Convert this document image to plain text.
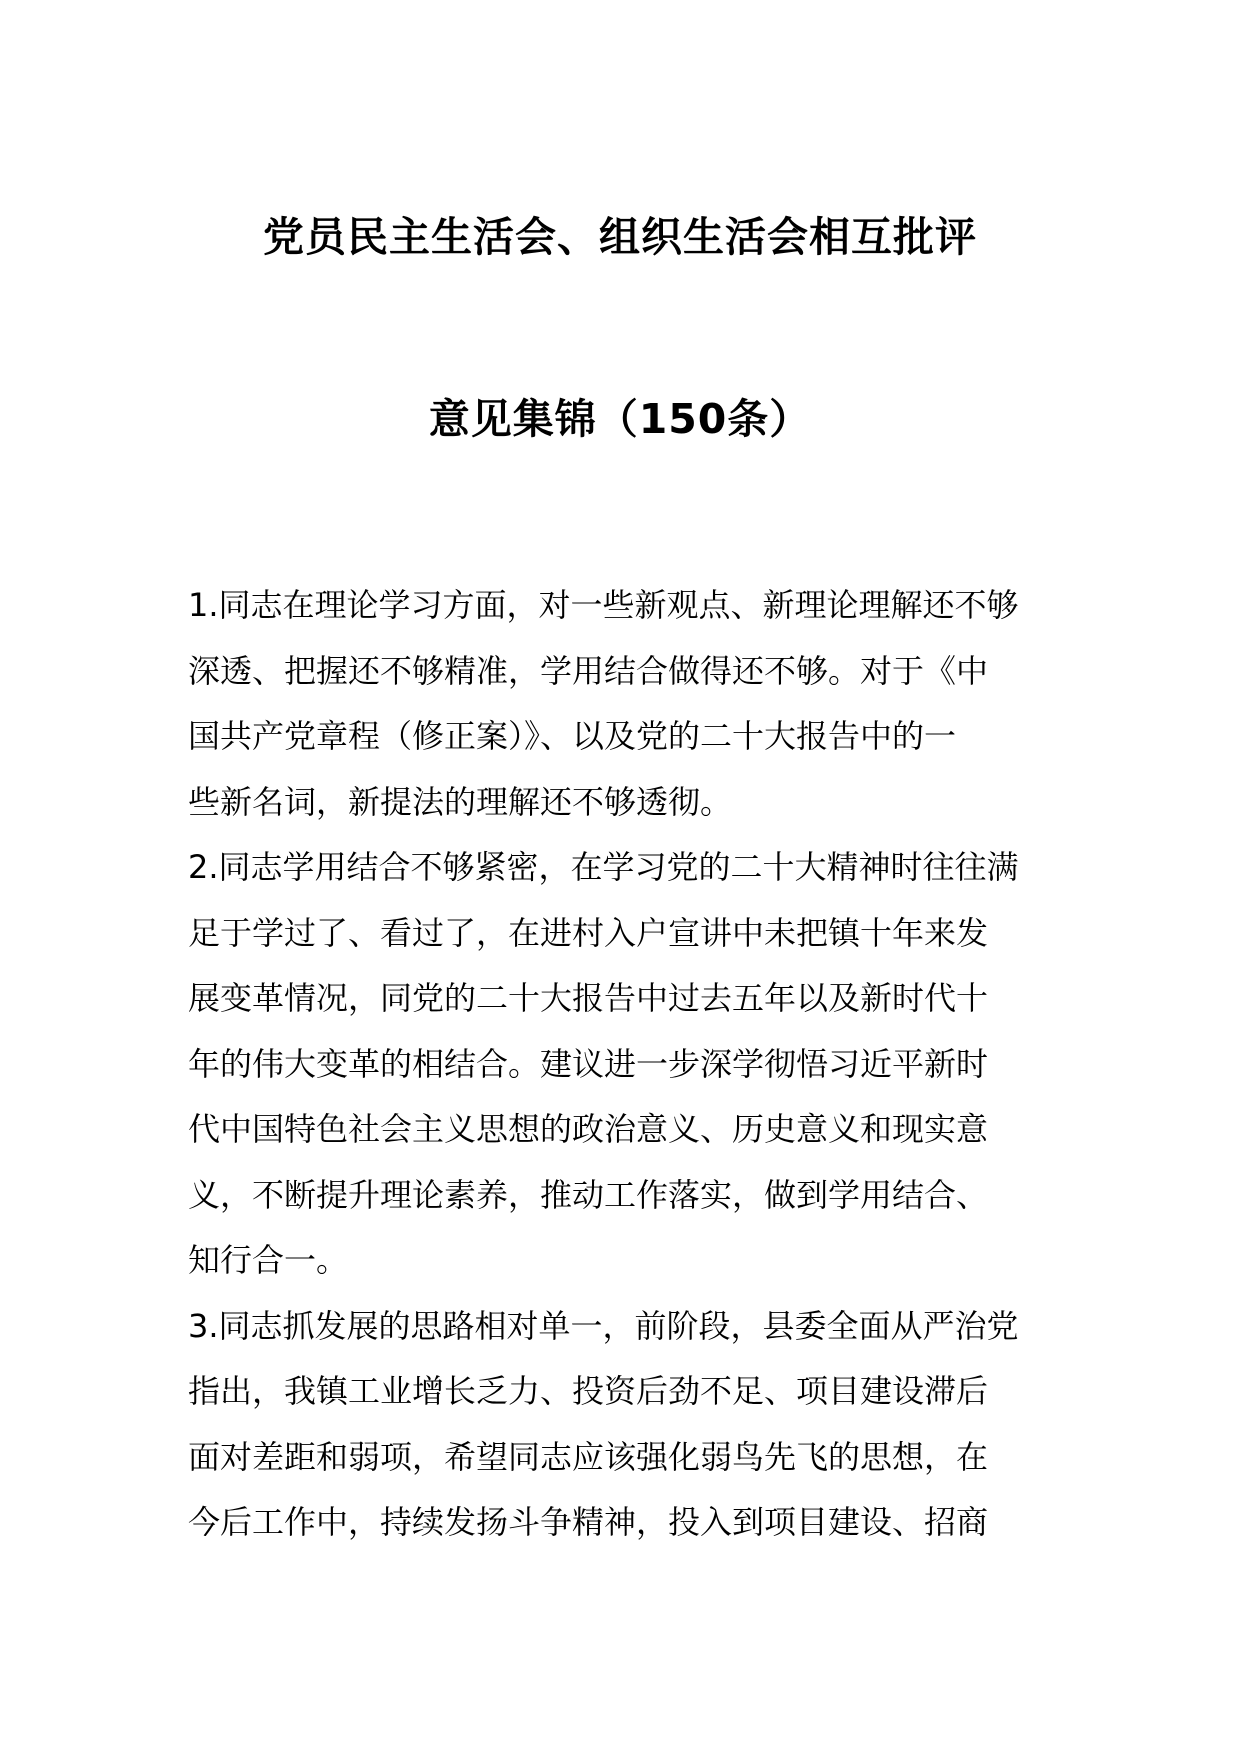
党员民主生活会、组织生活会相互批评
意见集锦（150条）
1.同志在理论学习方面，对一些新观点、新理论理解还不够
深透、把握还不够精准，学用结合做得还不够。对于《中
国共产党章程（修正案）》、以及党的二十大报告中的一
些新名词，新提法的理解还不够透彻。
2.同志学用结合不够紧密，在学习党的二十大精神时往往满
足于学过了、看过了，在进村入户宣讲中未把镇十年来发
展变革情况，同党的二十大报告中过去五年以及新时代十
年的伟大变革的相结合。建议进一步深学彻悟习近平新时
代中国特色社会主义思想的政治意义、历史意义和现实意
义，不断提升理论素养，推动工作落实，做到学用结合、
知行合一。
3.同志抓发展的思路相对单一，前阶段，县委全面从严治党
指出，我镇工业增长乏力、投资后劲不足、项目建设滞后
面对差距和弱项，希望同志应该强化弱鸟先飞的思想，在
今后工作中，持续发扬斗争精神，投入到项目建设、招商
